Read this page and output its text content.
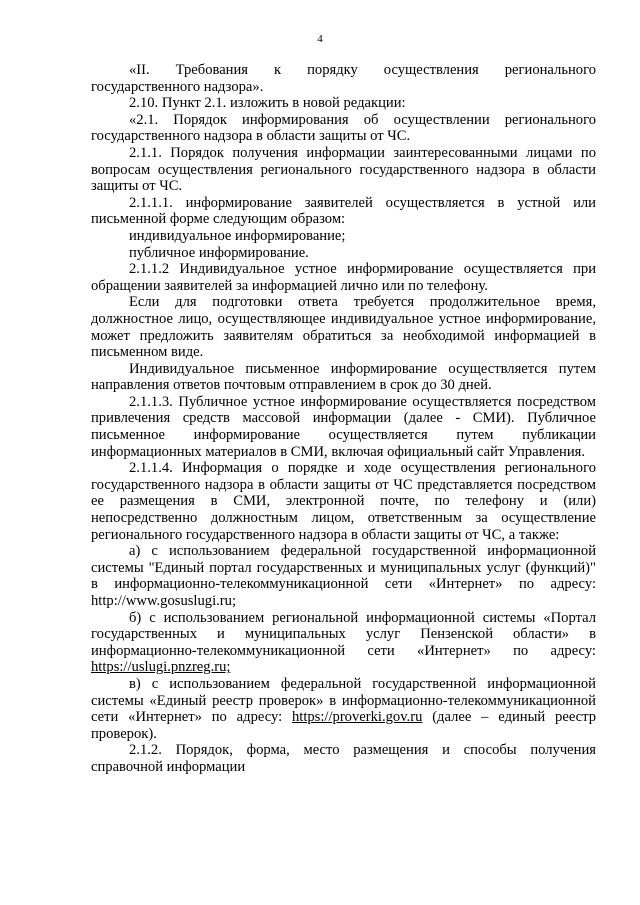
4

«II. Требования к порядку осуществления регионального государственного надзора».

2.10. Пункт 2.1. изложить в новой редакции:

«2.1. Порядок информирования об осуществлении регионального государственного надзора в области защиты от ЧС.

2.1.1. Порядок получения информации заинтересованными лицами по вопросам осуществления регионального государственного надзора в области защиты от ЧС.

2.1.1.1. информирование заявителей осуществляется в устной или письменной форме следующим образом:

индивидуальное информирование;

публичное информирование.

2.1.1.2 Индивидуальное устное информирование осуществляется при обращении заявителей за информацией лично или по телефону.

Если для подготовки ответа требуется продолжительное время, должностное лицо, осуществляющее индивидуальное устное информирование, может предложить заявителям обратиться за необходимой информацией в письменном виде.

Индивидуальное письменное информирование осуществляется путем направления ответов почтовым отправлением в срок до 30 дней.

2.1.1.3. Публичное устное информирование осуществляется посредством привлечения средств массовой информации (далее - СМИ). Публичное письменное информирование осуществляется путем публикации информационных материалов в СМИ, включая официальный сайт Управления.

2.1.1.4. Информация о порядке и ходе осуществления регионального государственного надзора в области защиты от ЧС представляется посредством ее размещения в СМИ, электронной почте, по телефону и (или) непосредственно должностным лицом, ответственным за осуществление регионального государственного надзора в области защиты от ЧС, а также:

а) с использованием федеральной государственной информационной системы "Единый портал государственных и муниципальных услуг (функций)" в информационно-телекоммуникационной сети «Интернет» по адресу: http://www.gosuslugi.ru;

б) с использованием региональной информационной системы «Портал государственных и муниципальных услуг Пензенской области» в информационно-телекоммуникационной сети «Интернет» по адресу: https://uslugi.pnzreg.ru;

в) с использованием федеральной государственной информационной системы «Единый реестр проверок» в информационно-телекоммуникационной сети «Интернет» по адресу: https://proverki.gov.ru (далее – единый реестр проверок).

2.1.2. Порядок, форма, место размещения и способы получения справочной информации
